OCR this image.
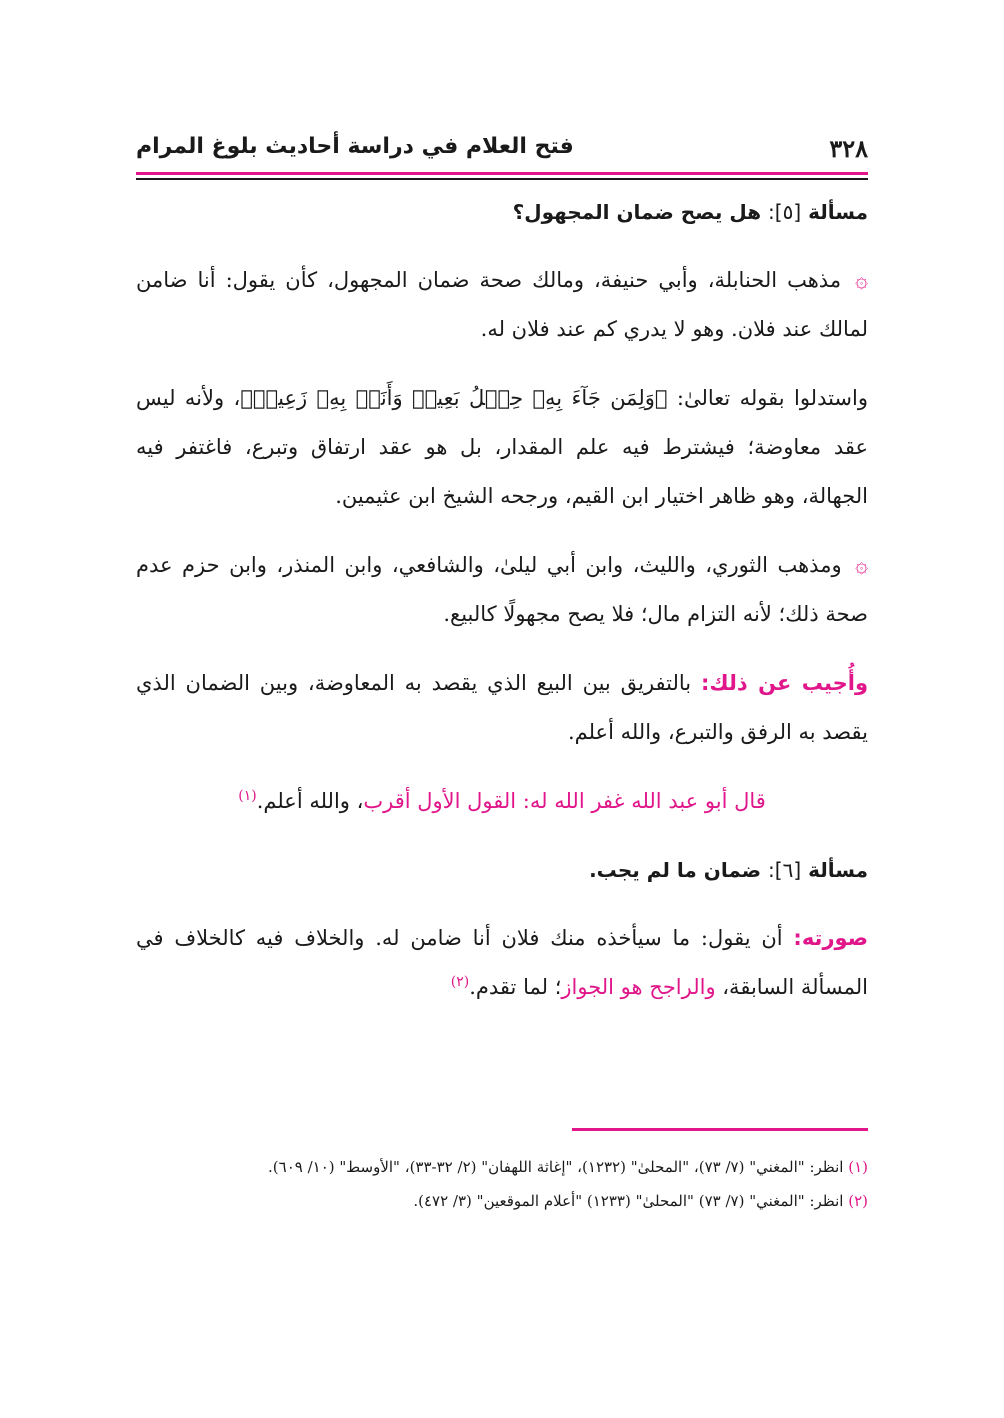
٣٢٨
فتح العلام في دراسة أحاديث بلوغ المرام
مسألة [٥]: هل يصح ضمان المجهول؟

۞ مذهب الحنابلة، وأبي حنيفة، ومالك صحة ضمان المجهول، كأن يقول: أنا ضامن لمالك عند فلان. وهو لا يدري كم عند فلان له.

واستدلوا بقوله تعالىٰ: ﴿وَلِمَن جَآءَ بِهِۦ حِمۡلُ بَعِيرٖ وَأَنَا۠ بِهِۦ زَعِيمٞ﴾، ولأنه ليس عقد معاوضة؛ فيشترط فيه علم المقدار، بل هو عقد ارتفاق وتبرع، فاغتفر فيه الجهالة، وهو ظاهر اختيار ابن القيم، ورجحه الشيخ ابن عثيمين.

۞ ومذهب الثوري، والليث، وابن أبي ليلىٰ، والشافعي، وابن المنذر، وابن حزم عدم صحة ذلك؛ لأنه التزام مال؛ فلا يصح مجهولًا كالبيع.

وأُجيب عن ذلك: بالتفريق بين البيع الذي يقصد به المعاوضة، وبين الضمان الذي يقصد به الرفق والتبرع، والله أعلم.

قال أبو عبد الله غفر الله له: القول الأول أقرب، والله أعلم.$^{(١)}$
مسألة [٦]: ضمان ما لم يجب.

صورته: أن يقول: ما سيأخذه منك فلان أنا ضامن له. والخلاف فيه كالخلاف في المسألة السابقة، والراجح هو الجواز؛ لما تقدم.$^{(٢)}$

(١) انظر: "المغني" (٧/ ٧٣)، "المحلىٰ" (١٢٣٢)، "إغاثة اللهفان" (٢/ ٣٢-٣٣)، "الأوسط" (١٠/ ٦٠٩).
(٢) انظر: "المغني" (٧/ ٧٣) "المحلىٰ" (١٢٣٣) "أعلام الموقعين" (٣/ ٤٧٢).
